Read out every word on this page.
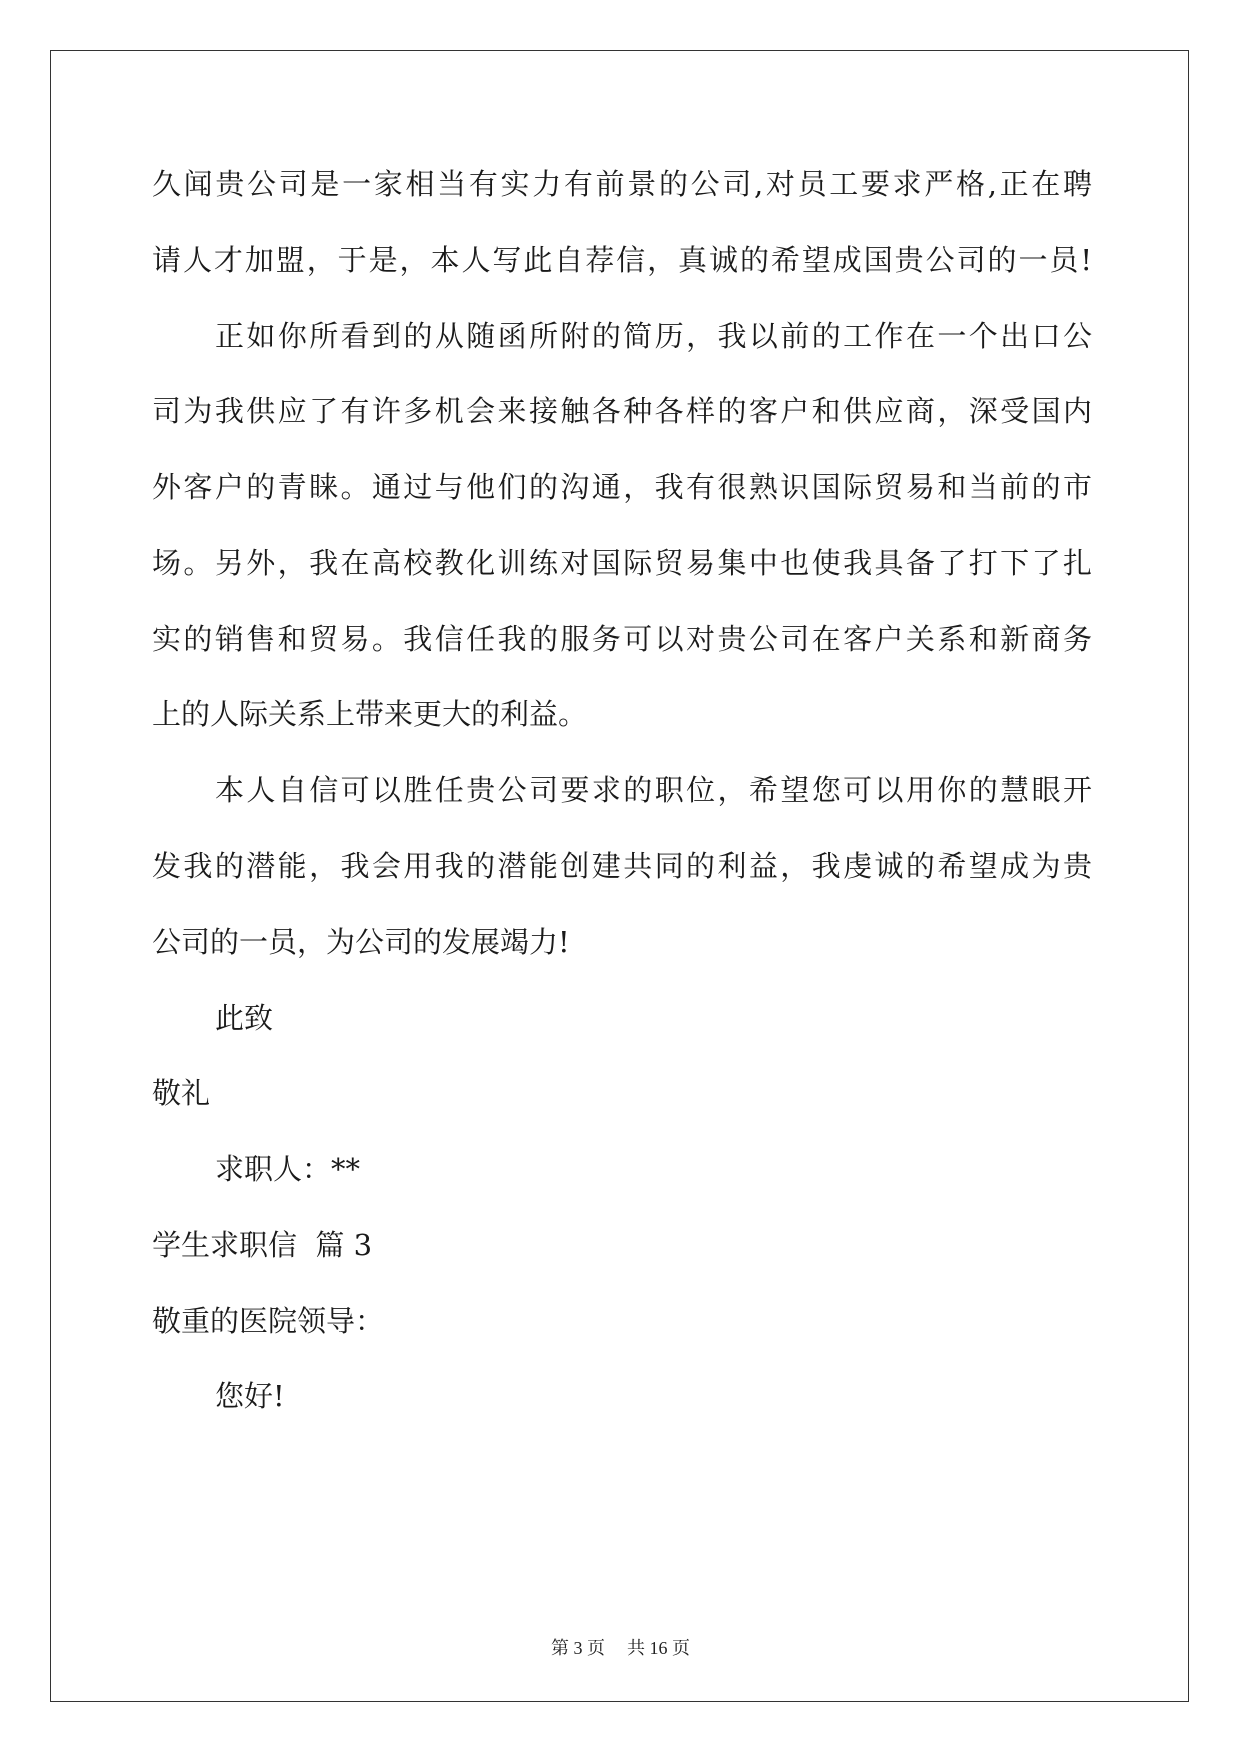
久闻贵公司是一家相当有实力有前景的公司,对员工要求严格,正在聘
请人才加盟，于是，本人写此自荐信，真诚的希望成国贵公司的一员!
正如你所看到的从随函所附的简历，我以前的工作在一个出口公
司为我供应了有许多机会来接触各种各样的客户和供应商，深受国内
外客户的青睐。通过与他们的沟通，我有很熟识国际贸易和当前的市
场。另外，我在高校教化训练对国际贸易集中也使我具备了打下了扎
实的销售和贸易。我信任我的服务可以对贵公司在客户关系和新商务
上的人际关系上带来更大的利益。
本人自信可以胜任贵公司要求的职位，希望您可以用你的慧眼开
发我的潜能，我会用我的潜能创建共同的利益，我虔诚的希望成为贵
公司的一员，为公司的发展竭力!
此致
敬礼
求职人：**
学生求职信  篇 3
敬重的医院领导：
您好!
第 3 页 共 16 页
